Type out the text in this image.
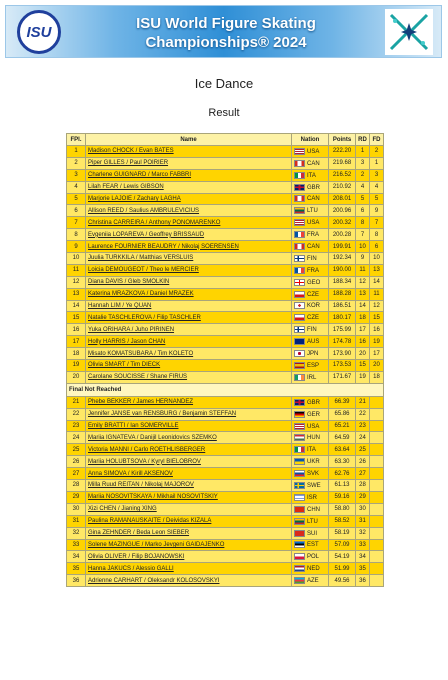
ISU	ISU World Figure Skating
Championships® 2024
Ice Dance
Result
FPl.	Name	Nation	Points	RD	FD
1	Madison CHOCK / Evan BATES	USA	222.20	1	2
2	Piper GILLES / Paul POIRIER	CAN	219.68	3	1
3	Charlene GUIGNARD / Marco FABBRI	ITA	216.52	2	3
4	Lilah FEAR / Lewis GIBSON	GBR	210.92	4	4
5	Marjorie LAJOIE / Zachary LAGHA	CAN	208.01	5	5
6	Allison REED / Saulius AMBRULEVICIUS	LTU	200.96	6	9
7	Christina CARREIRA / Anthony PONOMARENKO	USA	200.32	8	7
8	Evgeniia LOPAREVA / Geoffrey BRISSAUD	FRA	200.28	7	8
9	Laurence FOURNIER BEAUDRY / Nikolaj SOERENSEN	CAN	199.91	10	6
10	Juulia TURKKILA / Matthias VERSLUIS	FIN	192.34	9	10
11	Loicia DEMOUGEOT / Theo le MERCIER	FRA	190.00	11	13
12	Diana DAVIS / Gleb SMOLKIN	GEO	188.34	12	14
13	Katerina MRAZKOVA / Daniel MRAZEK	CZE	188.28	13	11
14	Hannah LIM / Ye QUAN	KOR	186.51	14	12
15	Natalie TASCHLEROVA / Filip TASCHLER	CZE	180.17	18	15
16	Yuka ORIHARA / Juho PIRINEN	FIN	175.99	17	16
17	Holly HARRIS / Jason CHAN	AUS	174.78	16	19
18	Misato KOMATSUBARA / Tim KOLETO	JPN	173.90	20	17
19	Olivia SMART / Tim DIECK	ESP	173.53	15	20
20	Carolane SOUCISSE / Shane FIRUS	IRL	171.67	19	18
Final Not Reached					
21	Phebe BEKKER / James HERNANDEZ	GBR	66.39	21	
22	Jennifer JANSE van RENSBURG / Benjamin STEFFAN	GER	65.86	22	
23	Emily BRATTI / Ian SOMERVILLE	USA	65.21	23	
24	Mariia IGNATEVA / Danijil Leonidovics SZEMKO	HUN	64.59	24	
25	Victoria MANNI / Carlo ROETHLISBERGER	ITA	63.64	25	
26	Mariia HOLUBTSOVA / Kyryl BIELOBROV	UKR	63.30	26	
27	Anna SIMOVA / Kirill AKSENOV	SVK	62.76	27	
28	Milla Ruud REITAN / Nikolaj MAJOROV	SWE	61.13	28	
29	Mariia NOSOVITSKAYA / Mikhail NOSOVITSKIY	ISR	59.16	29	
30	Xizi CHEN / Jianing XING	CHN	58.80	30	
31	Paulina RAMANAUSKAITE / Deividas KIZALA	LTU	58.52	31	
32	Gina ZEHNDER / Beda Leon SIEBER	SUI	58.19	32	
33	Solene MAZINGUE / Marko Jevgeni GAIDAJENKO	EST	57.09	33	
34	Olivia OLIVER / Filip BOJANOWSKI	POL	54.19	34	
35	Hanna JAKUCS / Alessio GALLI	NED	51.99	35	
36	Adrienne CARHART / Oleksandr KOLOSOVSKYI	AZE	49.56	36	
